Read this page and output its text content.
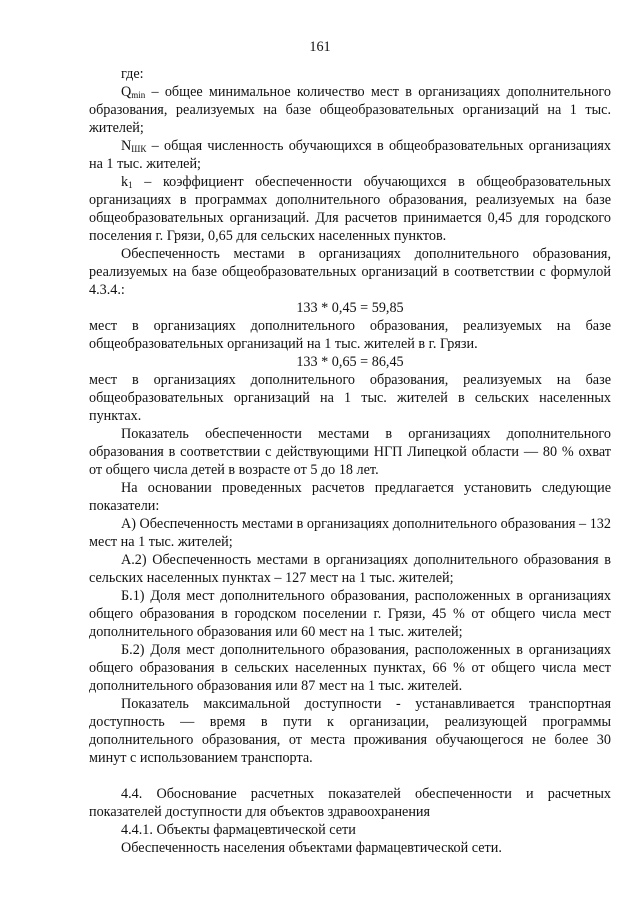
161

где:

$Q_{min}$ – общее минимальное количество мест в организациях дополнительного образования, реализуемых на базе общеобразовательных организаций на 1 тыс. жителей;

$N_{ШК}$ – общая численность обучающихся в общеобразовательных организациях на 1 тыс. жителей;

$k_1$ – коэффициент обеспеченности обучающихся в общеобразовательных организациях в программах дополнительного образования, реализуемых на базе общеобразовательных организаций. Для расчетов принимается 0,45 для городского поселения г. Грязи, 0,65 для сельских населенных пунктов.

Обеспеченность местами в организациях дополнительного образования, реализуемых на базе общеобразовательных организаций в соответствии с формулой 4.3.4.:

133 * 0,45 = 59,85

мест в организациях дополнительного образования, реализуемых на базе общеобразовательных организаций на 1 тыс. жителей в г. Грязи.

133 * 0,65 = 86,45

мест в организациях дополнительного образования, реализуемых на базе общеобразовательных организаций на 1 тыс. жителей в сельских населенных пунктах.

Показатель обеспеченности местами в организациях дополнительного образования в соответствии с действующими НГП Липецкой области — 80 % охват от общего числа детей в возрасте от 5 до 18 лет.

На основании проведенных расчетов предлагается установить следующие показатели:

А) Обеспеченность местами в организациях дополнительного образования – 132 мест на 1 тыс. жителей;

А.2) Обеспеченность местами в организациях дополнительного образования в сельских населенных пунктах – 127 мест на 1 тыс. жителей;

Б.1) Доля мест дополнительного образования, расположенных в организациях общего образования в городском поселении г. Грязи, 45 % от общего числа мест дополнительного образования или 60 мест на 1 тыс. жителей;

Б.2) Доля мест дополнительного образования, расположенных в организациях общего образования в сельских населенных пунктах, 66 % от общего числа мест дополнительного образования или 87 мест на 1 тыс. жителей.

Показатель максимальной доступности - устанавливается транспортная доступность — время в пути к организации, реализующей программы дополнительного образования, от места проживания обучающегося не более 30 минут с использованием транспорта.

4.4. Обоснование расчетных показателей обеспеченности и расчетных показателей доступности для объектов здравоохранения

4.4.1. Объекты фармацевтической сети

Обеспеченность населения объектами фармацевтической сети.
